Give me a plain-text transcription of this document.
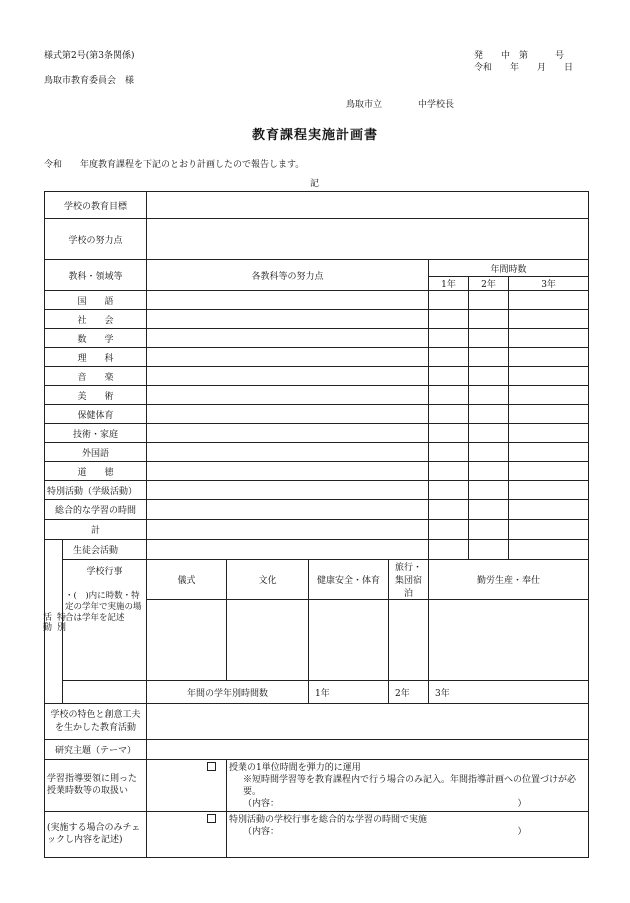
様式第2号(第3条関係)
鳥取市教育委員会　様
発　　中　第　　　号
令和　　年　　月　　日
鳥取市立　　　　中学校長
教育課程実施計画書
令和　　年度教育課程を下記のとおり計画したので報告します。
記
学校の教育目標								
学校の努力点								
教科・領域等		各教科等の努力点				年間時数		
						1年	2年	3年
国　　語								
社　　会								
数　　学								
理　　科								
音　　楽								
美　　術								
保健体育								
技術・家庭								
外国語								
道　　徳								
特別活動（学級活動）								
総合的な学習の時間								
計								

活動 特別	生徒会活動							

	学校行事
・(　)内に時数・特定の学年で実施の場合は学年を記述	儀式	文化	健康安全・体育	旅行・集団宿泊	勤労生産・奉仕		

		年間の学年別時間数		1年	2年	3年		
学校の特色と創意工夫を生かした教育活動								
研究主題（テーマ）								
学習指導要領に則った授業時数等の取扱い			授業の1単位時間を弾力的に運用
※短時間学習等を教育課程内で行う場合のみ記入。年間指導計画への位置づけが必要。
（内容：　　　　　　　　　　　　　　　　　　　　　　　　　　　）					

(実施する場合のみチェックし内容を記述)			特別活動の学校行事を総合的な学習の時間で実施
（内容：　　　　　　　　　　　　　　　　　　　　　　　　　　　）					
